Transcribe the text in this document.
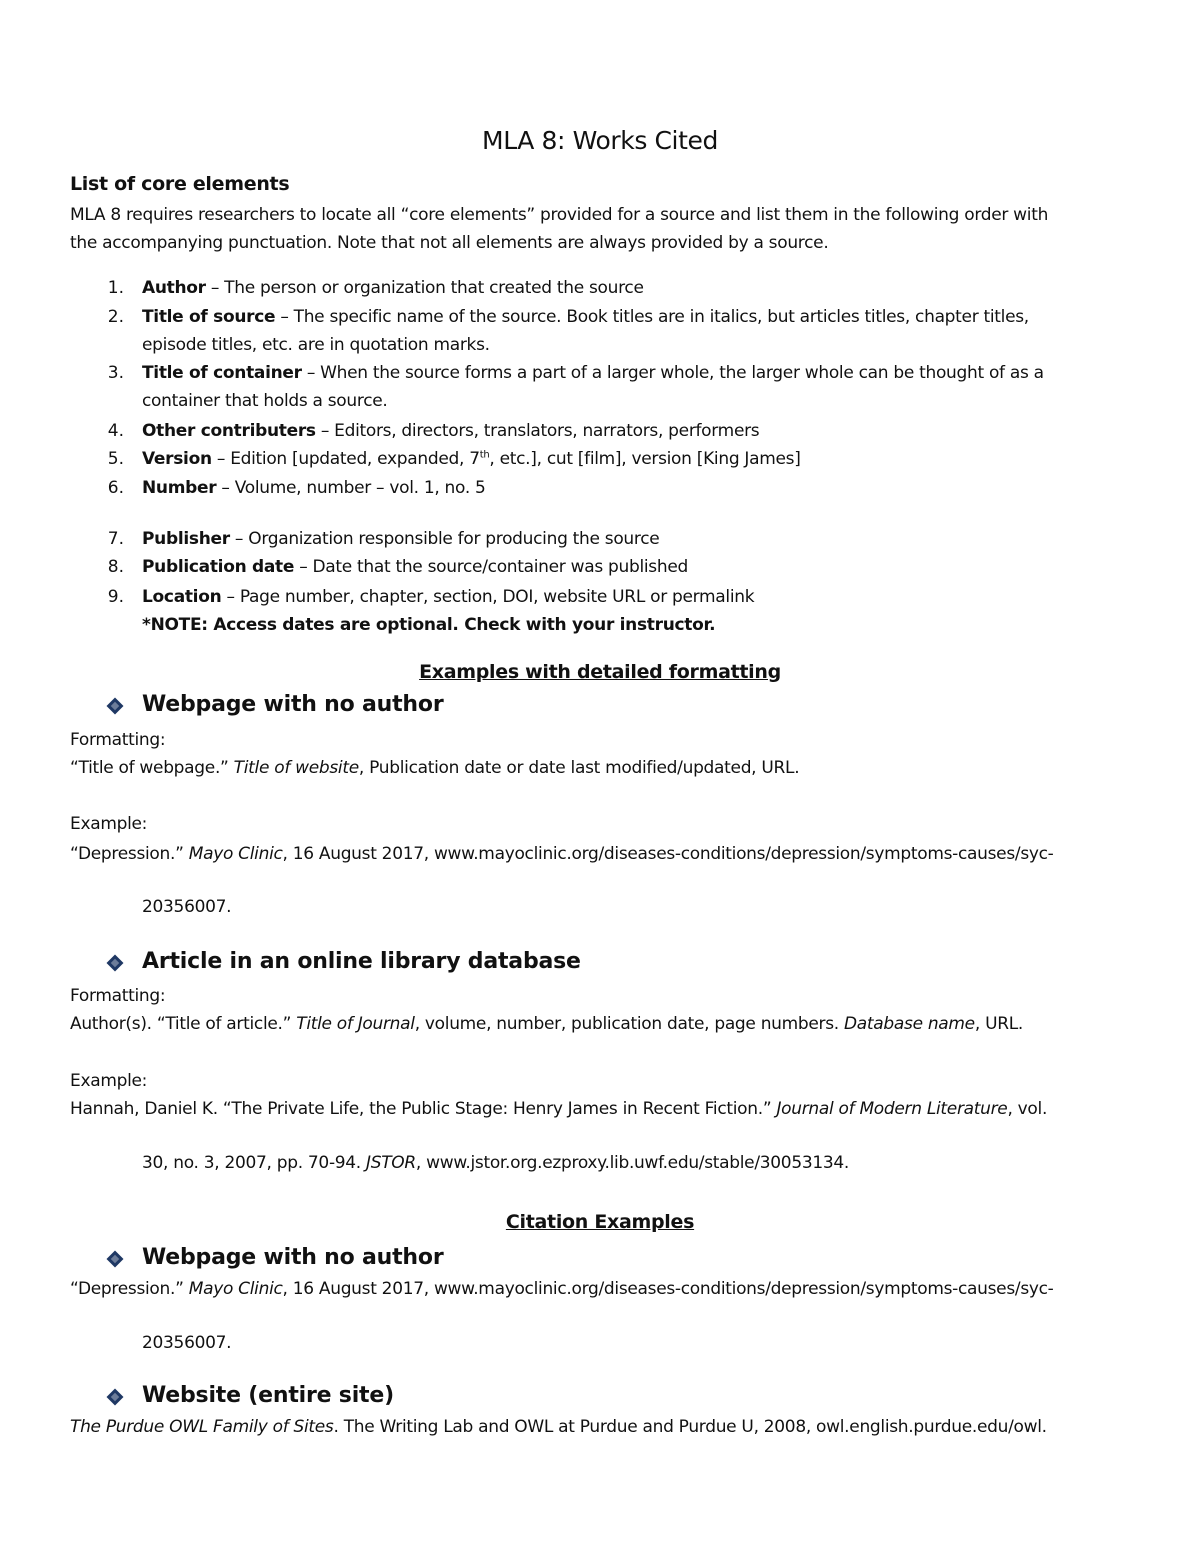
MLA 8: Works Cited
List of core elements
MLA 8 requires researchers to locate all “core elements” provided for a source and list them in the following order with
the accompanying punctuation. Note that not all elements are always provided by a source.
1. Author – The person or organization that created the source
2. Title of source – The specific name of the source. Book titles are in italics, but articles titles, chapter titles,
episode titles, etc. are in quotation marks.
3. Title of container – When the source forms a part of a larger whole, the larger whole can be thought of as a
container that holds a source.
4. Other contributers – Editors, directors, translators, narrators, performers
5. Version – Edition [updated, expanded, 7th, etc.], cut [film], version [King James]
6. Number – Volume, number – vol. 1, no. 5
7. Publisher – Organization responsible for producing the source
8. Publication date – Date that the source/container was published
9. Location – Page number, chapter, section, DOI, website URL or permalink
*NOTE: Access dates are optional. Check with your instructor.
Examples with detailed formatting
Webpage with no author
Formatting:
“Title of webpage.” Title of website, Publication date or date last modified/updated, URL.
Example:
“Depression.” Mayo Clinic, 16 August 2017, www.mayoclinic.org/diseases-conditions/depression/symptoms-causes/syc-
20356007.
Article in an online library database
Formatting:
Author(s). “Title of article.” Title of Journal, volume, number, publication date, page numbers. Database name, URL.
Example:
Hannah, Daniel K. “The Private Life, the Public Stage: Henry James in Recent Fiction.” Journal of Modern Literature, vol.
30, no. 3, 2007, pp. 70-94. JSTOR, www.jstor.org.ezproxy.lib.uwf.edu/stable/30053134.
Citation Examples
Webpage with no author
“Depression.” Mayo Clinic, 16 August 2017, www.mayoclinic.org/diseases-conditions/depression/symptoms-causes/syc-
20356007.
Website (entire site)
The Purdue OWL Family of Sites. The Writing Lab and OWL at Purdue and Purdue U, 2008, owl.english.purdue.edu/owl.
